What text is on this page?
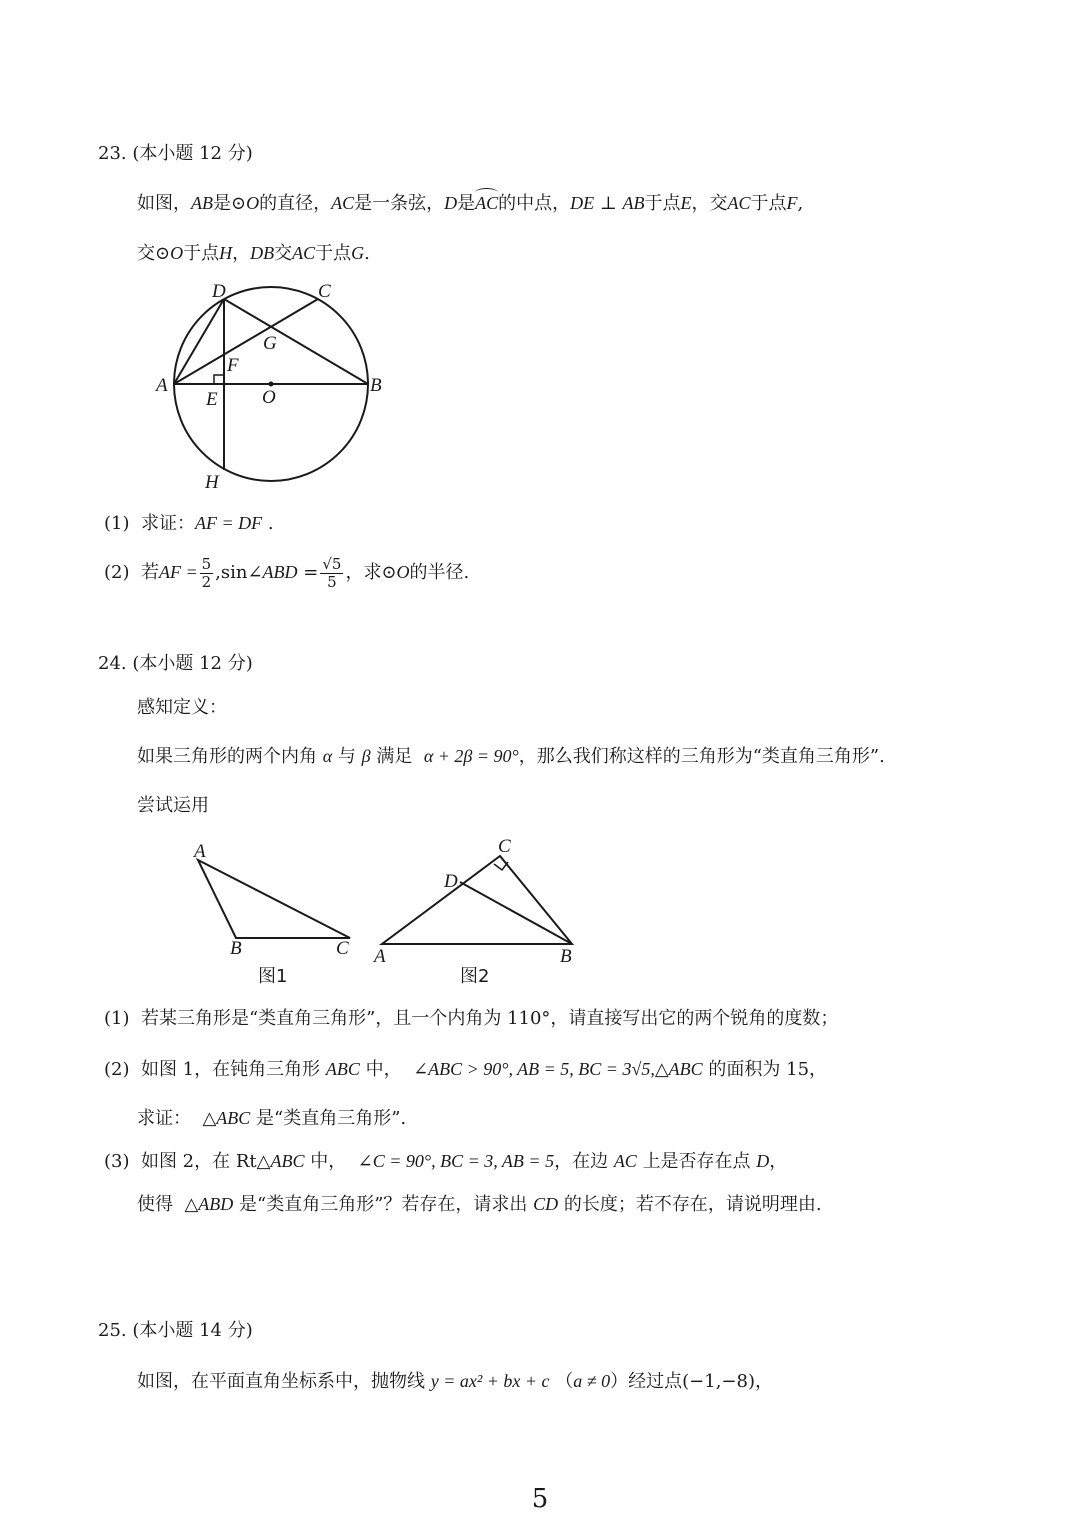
23. (本小题 12 分)
如图，AB是⊙O的直径，AC是一条弦，D是AC的中点，DE ⊥ AB于点E，交AC于点F,
交⊙O于点H，DB交AC于点G.
D	C
G
F
A	B
E O
H
(1) 求证：AF = DF .
(2) 若AF = $\frac{5}{2}$ ,sin∠ABD = $\frac{√5}{5}$ ，求⊙O的半径.
24. (本小题 12 分)
感知定义：
如果三角形的两个内角 α 与 β 满足 α + 2β = 90°，那么我们称这样的三角形为“类直角三角形”.
尝试运用
A
B	C
图1
C
D
A	B
图2
(1) 若某三角形是“类直角三角形”，且一个内角为 110°，请直接写出它的两个锐角的度数；
(2) 如图 1，在钝角三角形 ABC 中， ∠ABC > 90°, AB = 5, BC = 3√5,△ABC 的面积为 15，
求证： △ABC 是“类直角三角形”.
(3) 如图 2，在 Rt△ABC 中， ∠C = 90°, BC = 3, AB = 5，在边 AC 上是否存在点 D，
使得 △ABD 是“类直角三角形”？若存在，请求出 CD 的长度；若不存在，请说明理由.
25. (本小题 14 分)
如图，在平面直角坐标系中，抛物线 y = ax² + bx + c （a ≠ 0）经过点(−1,−8)，
5
